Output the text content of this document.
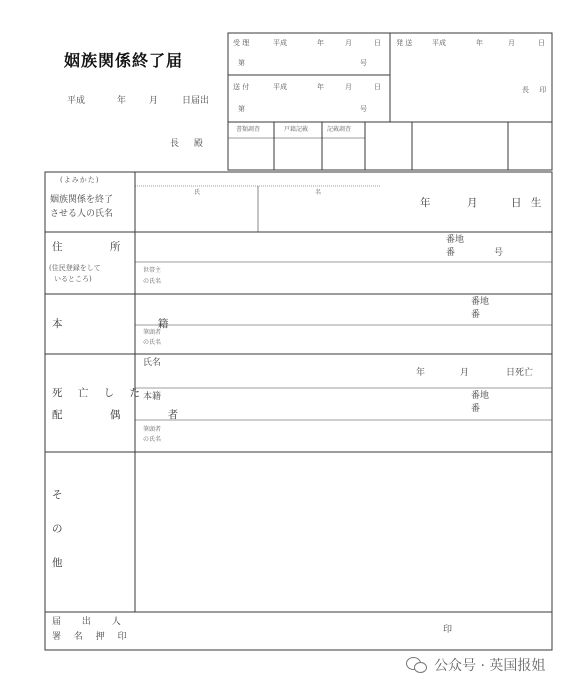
姻族関係終了届
平成	年	月	日届出
長 殿
受 理	平成	年	月	日
第	号
送 付	平成	年	月	日
第	号
発 送	平成	年	月	日
長 印
書類調査	戸籍記載	記載調査
(よみかた)
姻族関係を終了
させる人の氏名
氏	名
年	月	日 生
住 所
(住民登録をして
いるところ)
番地
番	号
世帯主
の氏名
本 籍
番地
番
筆頭者
の氏名
死 亡 し た
配 偶 者
氏名
年	月	日死亡
本籍	番地
番
筆頭者
の氏名
そ
の
他
届 出 人
署 名 押 印
印
公众号 · 英国报姐
